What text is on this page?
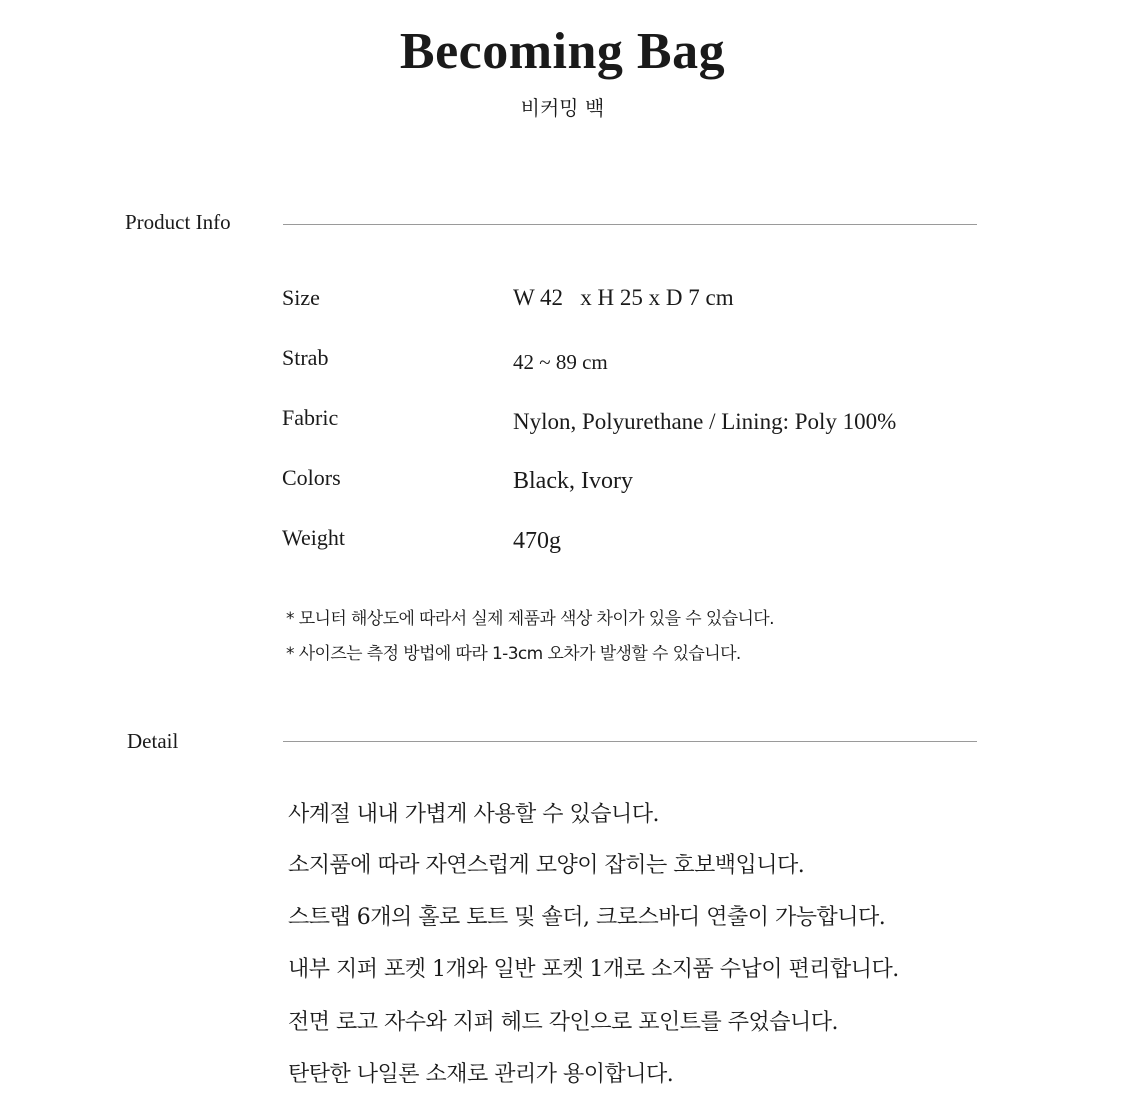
Becoming Bag
비커밍 백
Product Info
Size	W 42   x H 25 x D 7 cm
Strab	42 ~ 89 cm
Fabric	Nylon, Polyurethane / Lining: Poly 100%
Colors	Black, Ivory
Weight	470g
* 모니터 해상도에 따라서 실제 제품과 색상 차이가 있을 수 있습니다.
* 사이즈는 측정 방법에 따라 1-3cm 오차가 발생할 수 있습니다.
Detail
사계절 내내 가볍게 사용할 수 있습니다.
소지품에 따라 자연스럽게 모양이 잡히는 호보백입니다.
스트랩 6개의 홀로 토트 및 숄더, 크로스바디 연출이 가능합니다.
내부 지퍼 포켓 1개와 일반 포켓 1개로 소지품 수납이 편리합니다.
전면 로고 자수와 지퍼 헤드 각인으로 포인트를 주었습니다.
탄탄한 나일론 소재로 관리가 용이합니다.
